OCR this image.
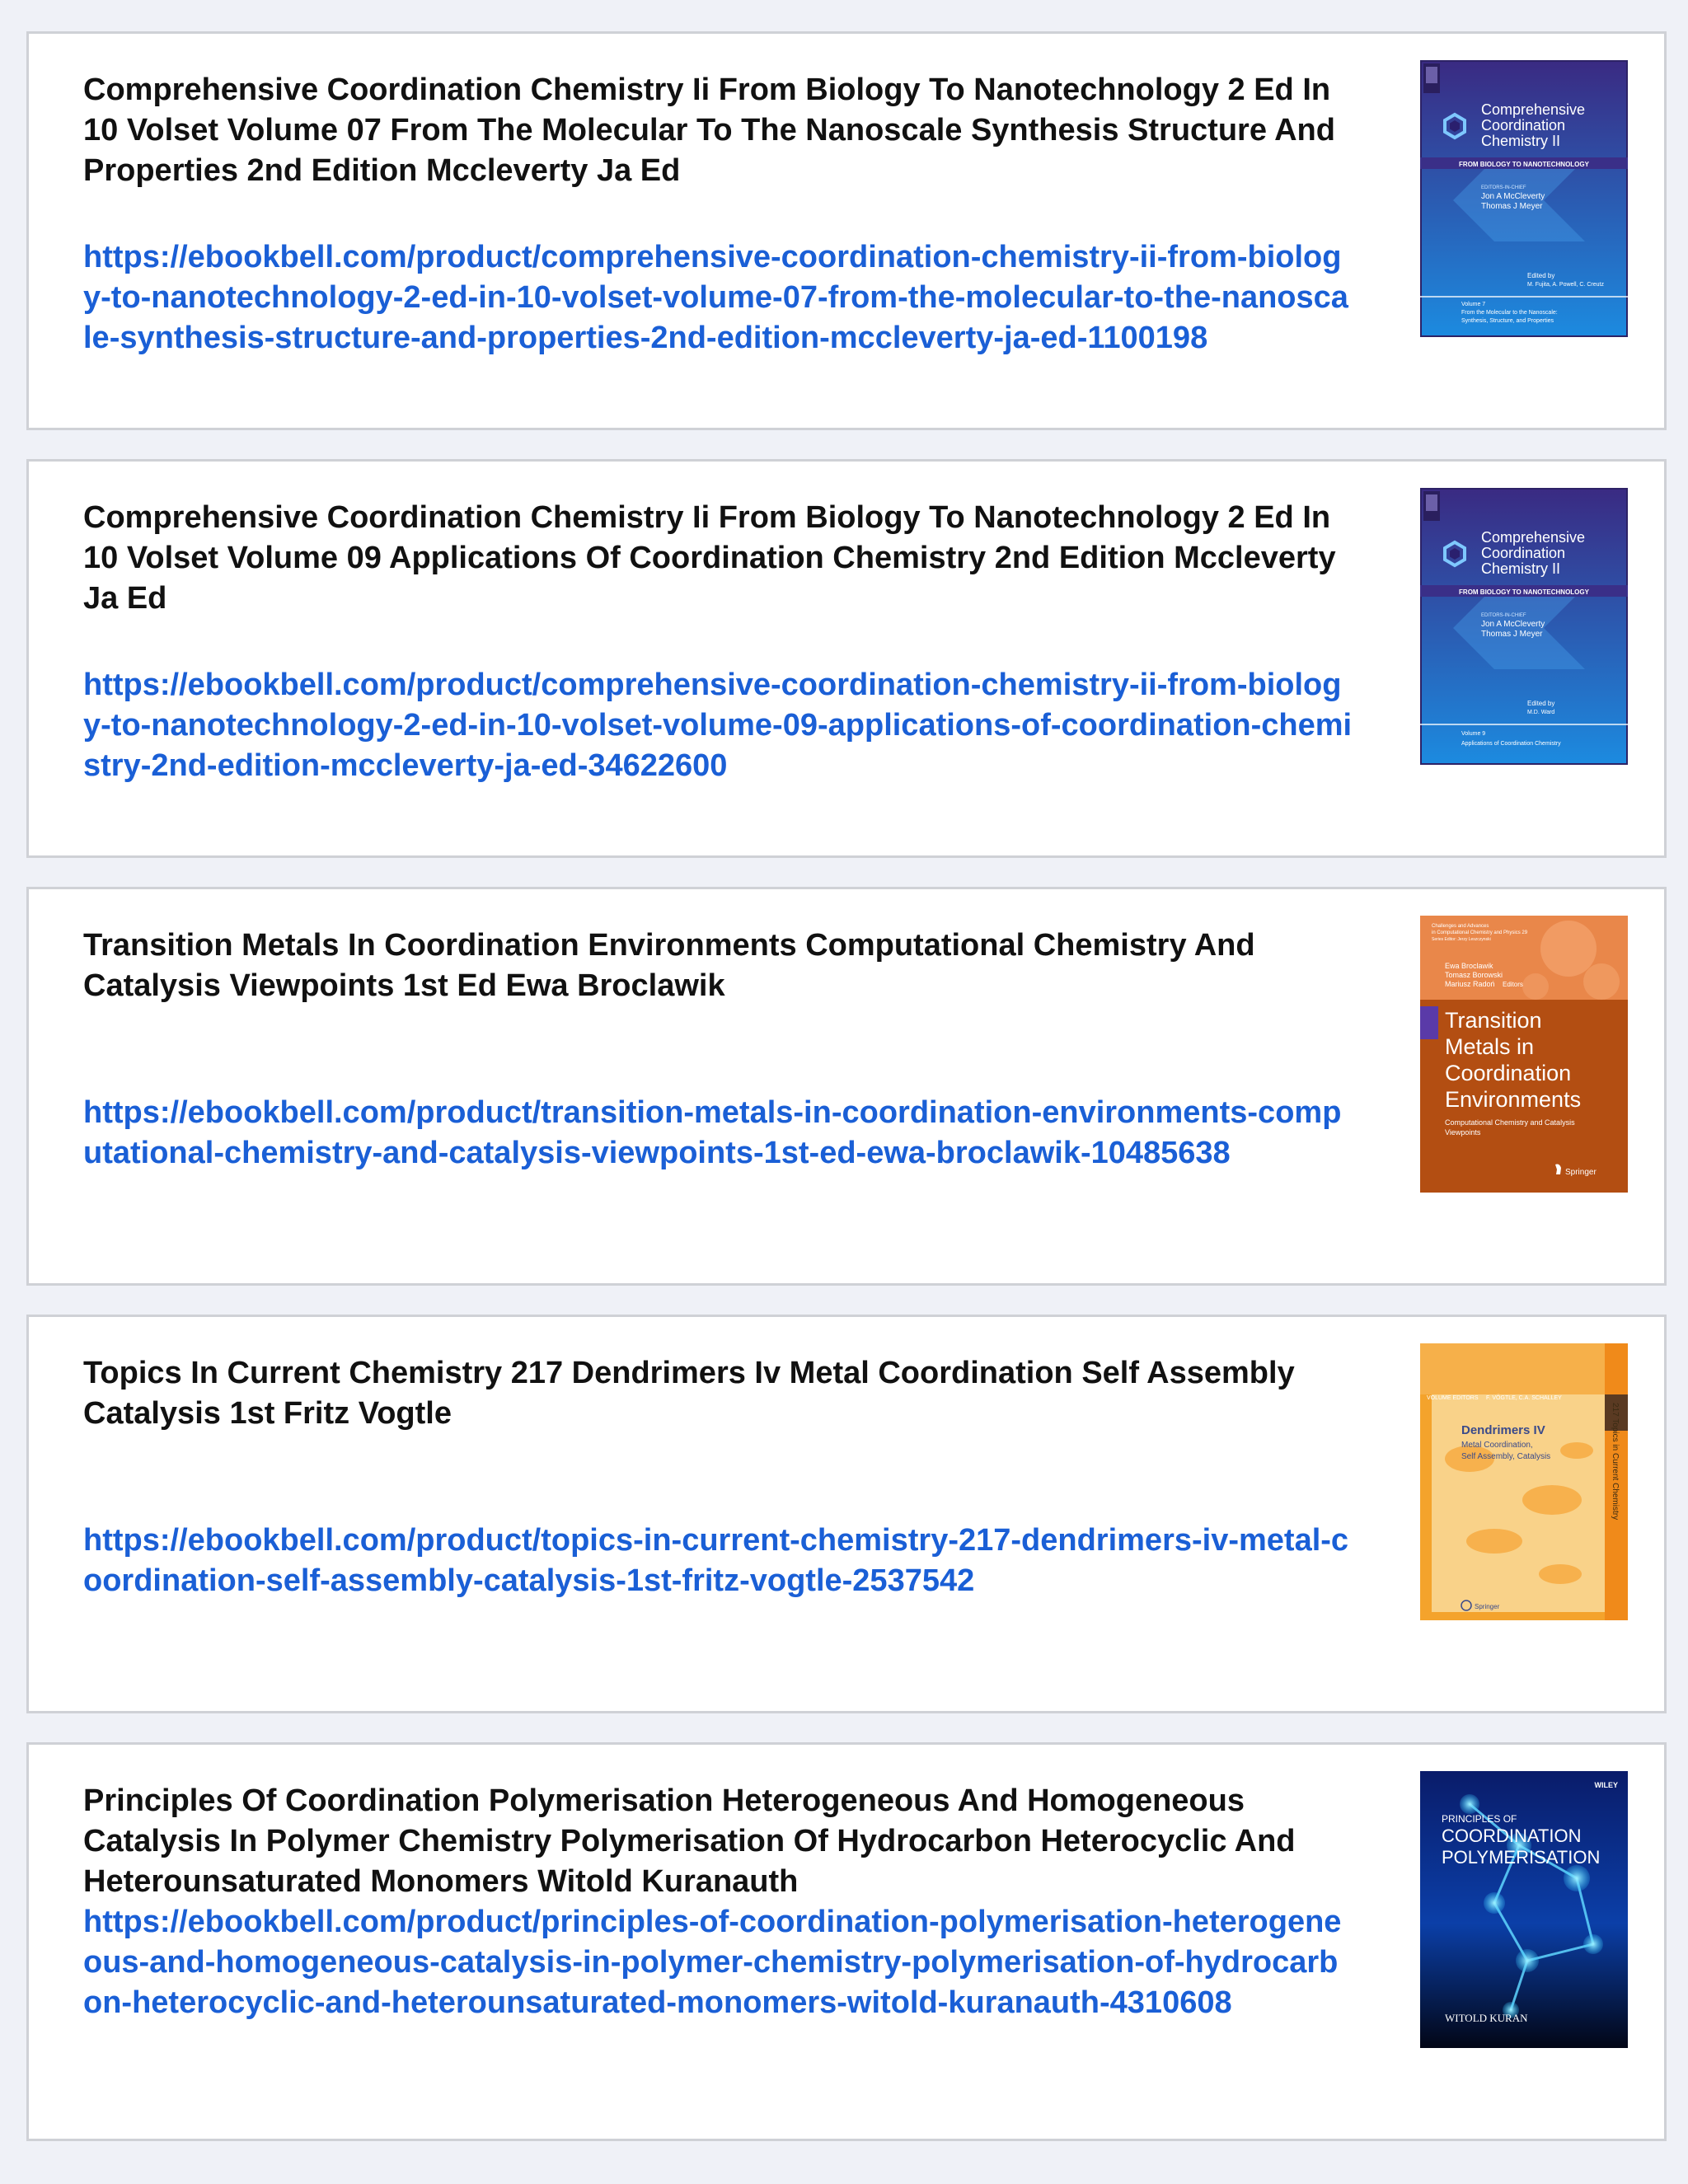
Comprehensive Coordination Chemistry Ii From Biology To Nanotechnology 2 Ed In 10 Volset Volume 07 From The Molecular To The Nanoscale Synthesis Structure And Properties 2nd Edition Mccleverty Ja Ed
https://ebookbell.com/product/comprehensive-coordination-chemistry-ii-from-biology-to-nanotechnology-2-ed-in-10-volset-volume-07-from-the-molecular-to-the-nanoscale-synthesis-structure-and-properties-2nd-edition-mccleverty-ja-ed-1100198
Comprehensive
Coordination
Chemistry II
FROM BIOLOGY TO NANOTECHNOLOGY
EDITORS-IN-CHIEF
Jon A McCleverty
Thomas J Meyer
Edited by
M. Fujita, A. Powell, C. Creutz
Volume 7
From the Molecular to the Nanoscale:
Synthesis, Structure, and Properties
Comprehensive Coordination Chemistry Ii From Biology To Nanotechnology 2 Ed In 10 Volset Volume 09 Applications Of Coordination Chemistry 2nd Edition Mccleverty Ja Ed
https://ebookbell.com/product/comprehensive-coordination-chemistry-ii-from-biology-to-nanotechnology-2-ed-in-10-volset-volume-09-applications-of-coordination-chemistry-2nd-edition-mccleverty-ja-ed-34622600
Comprehensive
Coordination
Chemistry II
FROM BIOLOGY TO NANOTECHNOLOGY
EDITORS-IN-CHIEF
Jon A McCleverty
Thomas J Meyer
Edited by
M.D. Ward
Volume 9
Applications of Coordination Chemistry
Transition Metals In Coordination Environments Computational Chemistry And Catalysis Viewpoints 1st Ed Ewa Broclawik
https://ebookbell.com/product/transition-metals-in-coordination-environments-computational-chemistry-and-catalysis-viewpoints-1st-ed-ewa-broclawik-10485638
Challenges and Advances
in Computational Chemistry and Physics 29
Series Editor: Jerzy Leszczynski
Ewa Broclawik
Tomasz Borowski
Mariusz Radoń Editors
Transition
Metals in
Coordination
Environments
Computational Chemistry and Catalysis
Viewpoints
Springer
Topics In Current Chemistry 217 Dendrimers Iv Metal Coordination Self Assembly Catalysis 1st Fritz Vogtle
https://ebookbell.com/product/topics-in-current-chemistry-217-dendrimers-iv-metal-coordination-self-assembly-catalysis-1st-fritz-vogtle-2537542
VOLUME EDITORS F. VÖGTLE, C.A. SCHALLEY
Dendrimers IV
Metal Coordination,
Self Assembly, Catalysis	217 Topics in Current Chemistry
Springer
Principles Of Coordination Polymerisation Heterogeneous And Homogeneous Catalysis In Polymer Chemistry Polymerisation Of Hydrocarbon Heterocyclic And Heterounsaturated Monomers Witold Kuranauth
https://ebookbell.com/product/principles-of-coordination-polymerisation-heterogeneous-and-homogeneous-catalysis-in-polymer-chemistry-polymerisation-of-hydrocarbon-heterocyclic-and-heterounsaturated-monomers-witold-kuranauth-4310608
WILEY
PRINCIPLES OF
COORDINATION
POLYMERISATION
WITOLD KURAN
